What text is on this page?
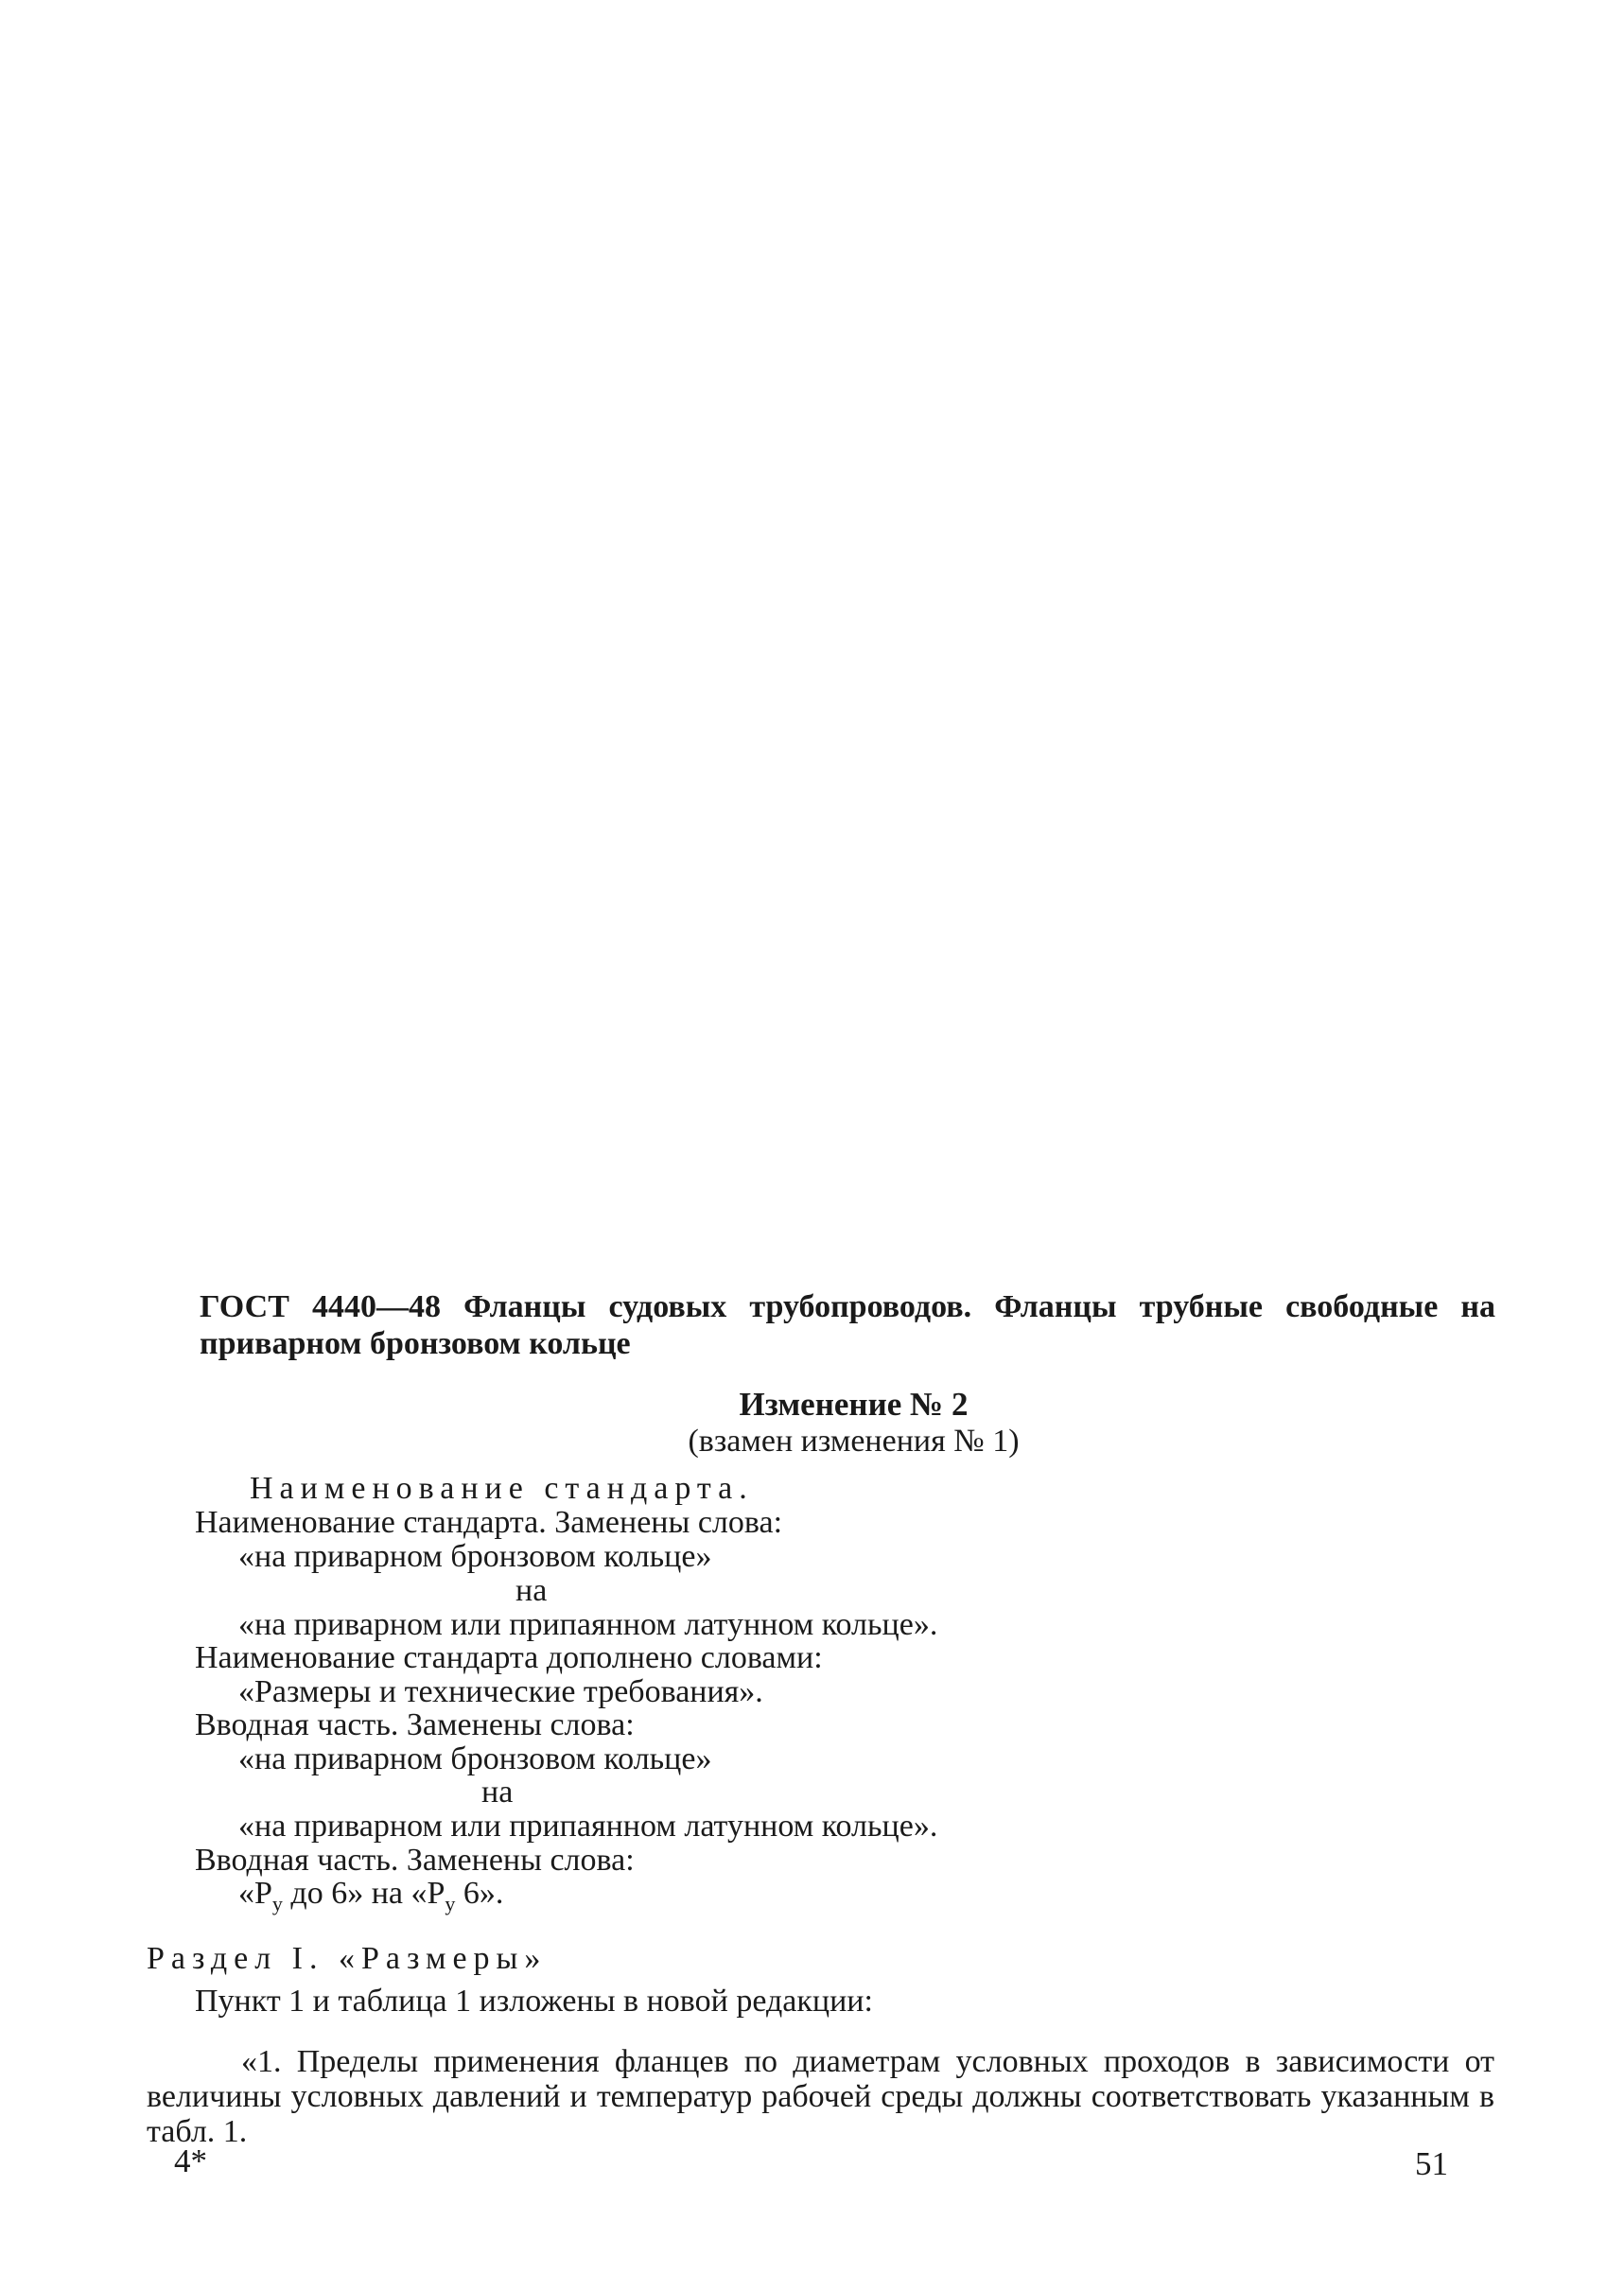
ГОСТ 4440—48 Фланцы судовых трубопроводов. Фланцы трубные свободные на приварном бронзовом кольце
Изменение № 2
(взамен изменения № 1)
Наименование стандарта.
Наименование стандарта. Заменены слова:
«на приварном бронзовом кольце»
на
«на приварном или припаянном латунном кольце».
Наименование стандарта дополнено словами:
«Размеры и технические требования».
Вводная часть. Заменены слова:
«на приварном бронзовом кольце»
на
«на приварном или припаянном латунном кольце».
Вводная часть. Заменены слова:
«$P_у$ до 6» на «$P_у$ 6».
Раздел I. «Размеры»
Пункт 1 и таблица 1 изложены в новой редакции:
«1. Пределы применения фланцев по диаметрам условных проходов в зависимости от величины условных давлений и температур рабочей среды должны соответствовать указанным в табл. 1.
4*	51
